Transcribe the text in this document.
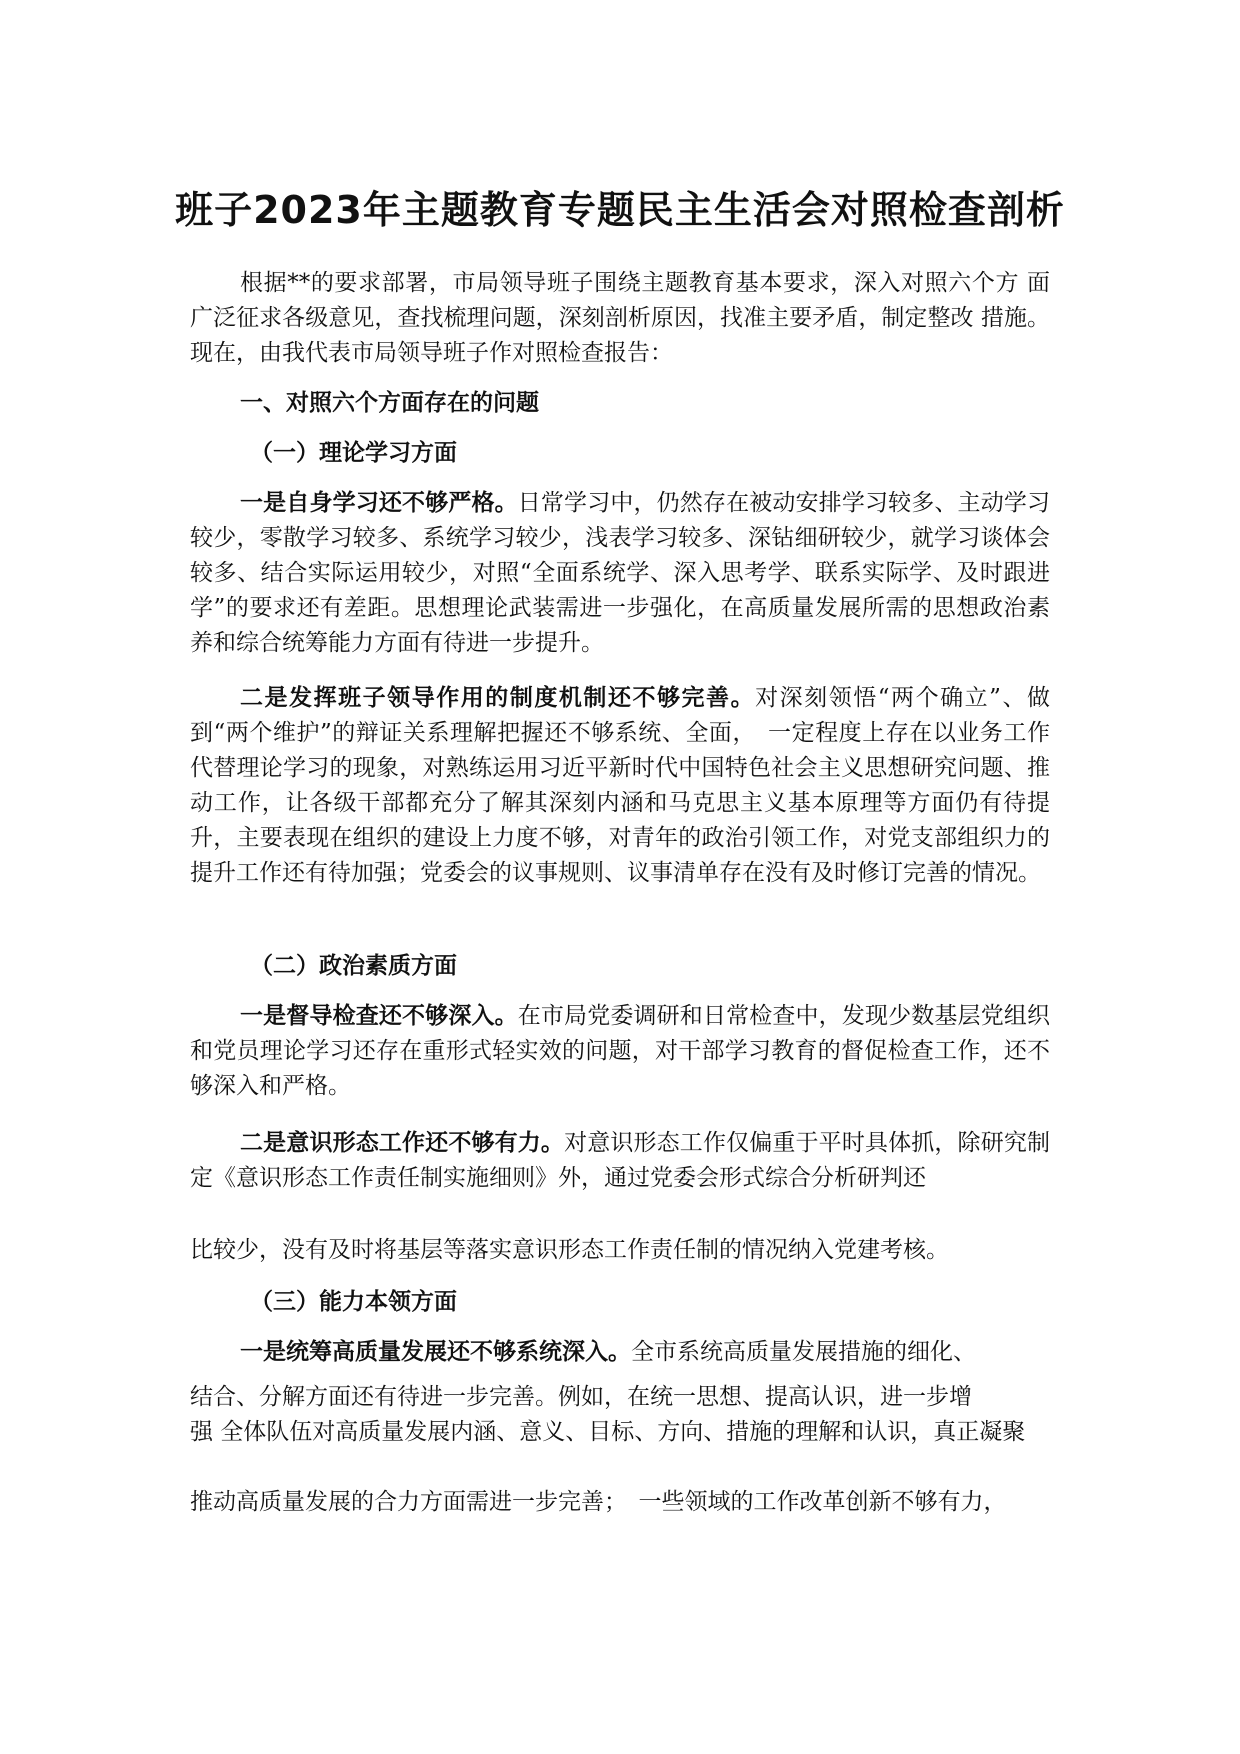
班子2023年主题教育专题民主生活会对照检查剖析

根据**的要求部署，市局领导班子围绕主题教育基本要求，深入对照六个方 面广泛征求各级意见，查找梳理问题，深刻剖析原因，找准主要矛盾，制定整改 措施。现在，由我代表市局领导班子作对照检查报告：

一、对照六个方面存在的问题

（一）理论学习方面

一是自身学习还不够严格。日常学习中，仍然存在被动安排学习较多、主动学习较少，零散学习较多、系统学习较少，浅表学习较多、深钻细研较少，就学习谈体会较多、结合实际运用较少，对照“全面系统学、深入思考学、联系实际学、及时跟进学”的要求还有差距。思想理论武装需进一步强化，在高质量发展所需的思想政治素养和综合统筹能力方面有待进一步提升。

二是发挥班子领导作用的制度机制还不够完善。对深刻领悟“两个确立”、做到“两个维护”的辩证关系理解把握还不够系统、全面，　一定程度上存在以业务工作代替理论学习的现象，对熟练运用习近平新时代中国特色社会主义思想研究问题、推动工作，让各级干部都充分了解其深刻内涵和马克思主义基本原理等方面仍有待提升，主要表现在组织的建设上力度不够，对青年的政治引领工作，对党支部组织力的提升工作还有待加强；党委会的议事规则、议事清单存在没有及时修订完善的情况。

（二）政治素质方面

一是督导检查还不够深入。在市局党委调研和日常检查中，发现少数基层党组织和党员理论学习还存在重形式轻实效的问题，对干部学习教育的督促检查工作，还不够深入和严格。

二是意识形态工作还不够有力。对意识形态工作仅偏重于平时具体抓，除研究制定《意识形态工作责任制实施细则》外，通过党委会形式综合分析研判还

比较少，没有及时将基层等落实意识形态工作责任制的情况纳入党建考核。

（三）能力本领方面

一是统筹高质量发展还不够系统深入。全市系统高质量发展措施的细化、

结合、分解方面还有待进一步完善。例如，在统一思想、提高认识，进一步增

强 全体队伍对高质量发展内涵、意义、目标、方向、措施的理解和认识，真正凝聚

推动高质量发展的合力方面需进一步完善；　一些领域的工作改革创新不够有力，
